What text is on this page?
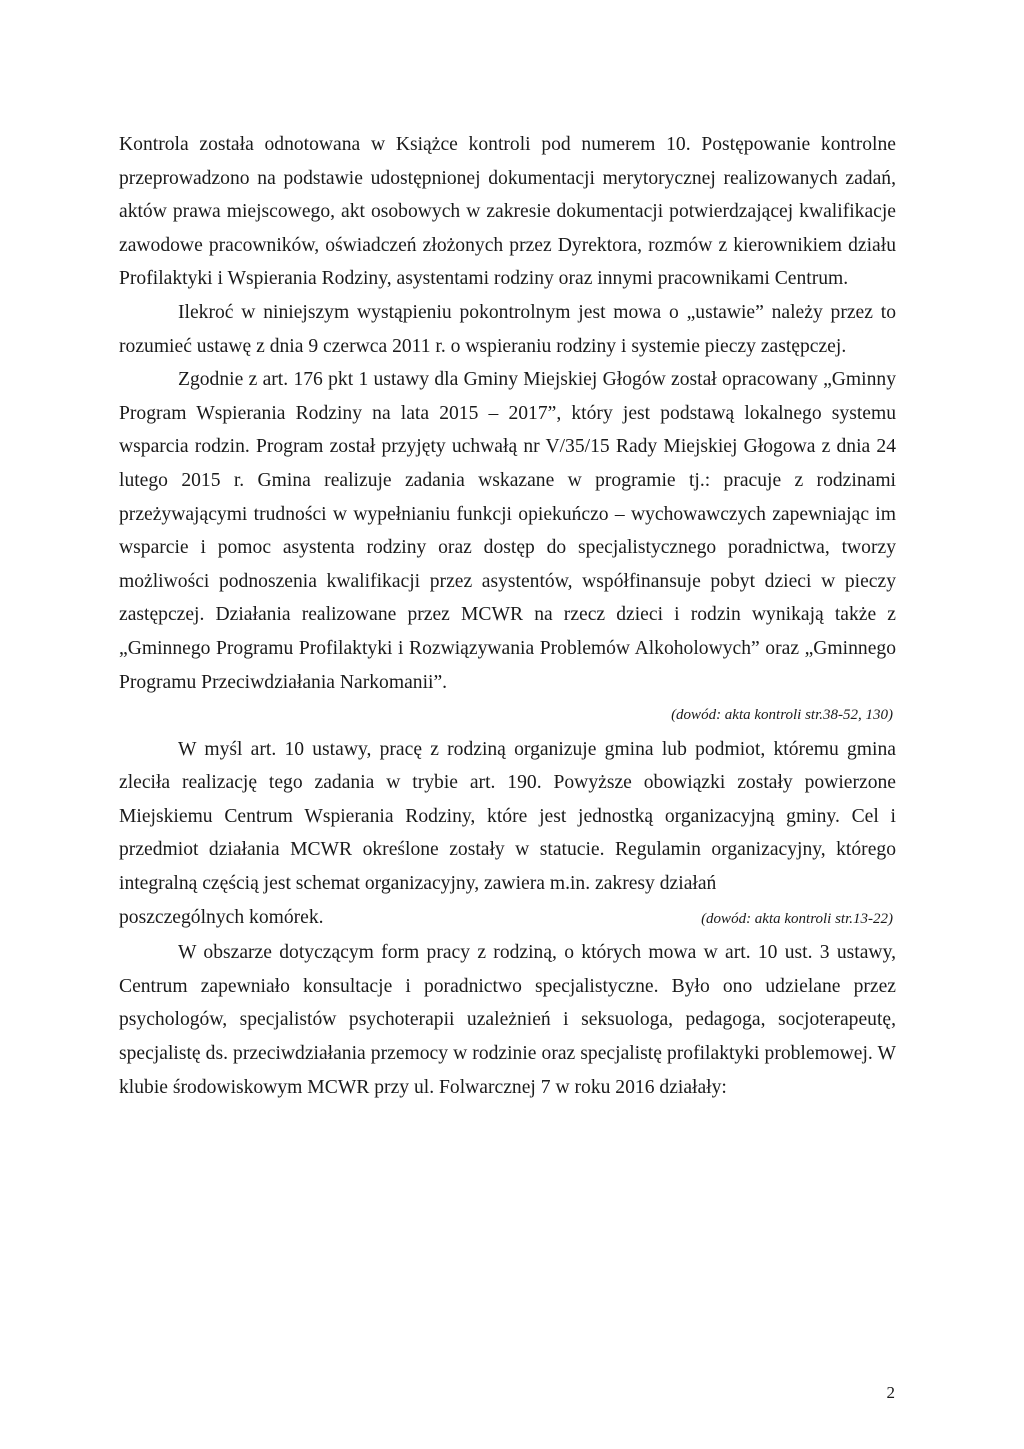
Kontrola została odnotowana w Książce kontroli pod numerem 10. Postępowanie kontrolne przeprowadzono na podstawie udostępnionej dokumentacji merytorycznej realizowanych zadań, aktów prawa miejscowego, akt osobowych w zakresie dokumentacji potwierdzającej kwalifikacje zawodowe pracowników, oświadczeń złożonych przez Dyrektora, rozmów z kierownikiem działu Profilaktyki i Wspierania Rodziny, asystentami rodziny oraz innymi pracownikami Centrum.

Ilekroć w niniejszym wystąpieniu pokontrolnym jest mowa o „ustawie” należy przez to rozumieć ustawę z dnia 9 czerwca 2011 r. o wspieraniu rodziny i systemie pieczy zastępczej.

Zgodnie z art. 176 pkt 1 ustawy dla Gminy Miejskiej Głogów został opracowany „Gminny Program Wspierania Rodziny na lata 2015 – 2017”, który jest podstawą lokalnego systemu wsparcia rodzin. Program został przyjęty uchwałą nr V/35/15 Rady Miejskiej Głogowa z dnia 24 lutego 2015 r. Gmina realizuje zadania wskazane w programie tj.: pracuje z rodzinami przeżywającymi trudności w wypełnianiu funkcji opiekuńczo – wychowawczych zapewniając im wsparcie i pomoc asystenta rodziny oraz dostęp do specjalistycznego poradnictwa, tworzy możliwości podnoszenia kwalifikacji przez asystentów, współfinansuje pobyt dzieci w pieczy zastępczej. Działania realizowane przez MCWR na rzecz dzieci i rodzin wynikają także z „Gminnego Programu Profilaktyki i Rozwiązywania Problemów Alkoholowych” oraz „Gminnego Programu Przeciwdziałania Narkomanii”.

(dowód: akta kontroli str.38-52, 130)

W myśl art. 10 ustawy, pracę z rodziną organizuje gmina lub podmiot, któremu gmina zleciła realizację tego zadania w trybie art. 190. Powyższe obowiązki zostały powierzone Miejskiemu Centrum Wspierania Rodziny, które jest jednostką organizacyjną gminy. Cel i przedmiot działania MCWR określone zostały w statucie. Regulamin organizacyjny, którego integralną częścią jest schemat organizacyjny, zawiera m.in. zakresy działań

poszczególnych komórek.	(dowód: akta kontroli str.13-22)

W obszarze dotyczącym form pracy z rodziną, o których mowa w art. 10 ust. 3 ustawy, Centrum zapewniało konsultacje i poradnictwo specjalistyczne. Było ono udzielane przez psychologów, specjalistów psychoterapii uzależnień i seksuologa, pedagoga, socjoterapeutę, specjalistę ds. przeciwdziałania przemocy w rodzinie oraz specjalistę profilaktyki problemowej. W klubie środowiskowym MCWR przy ul. Folwarcznej 7 w roku 2016 działały:

2
